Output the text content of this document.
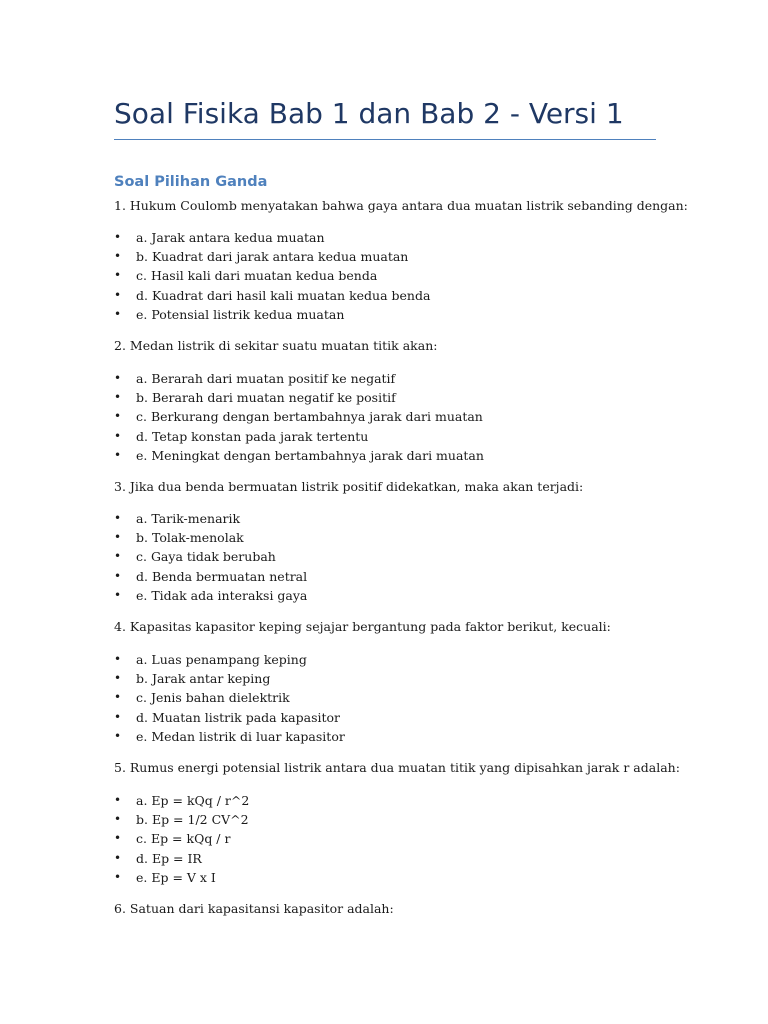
Soal Fisika Bab 1 dan Bab 2 - Versi 1
Soal Pilihan Ganda

1. Hukum Coulomb menyatakan bahwa gaya antara dua muatan listrik sebanding dengan:

• a. Jarak antara kedua muatan
• b. Kuadrat dari jarak antara kedua muatan
• c. Hasil kali dari muatan kedua benda
• d. Kuadrat dari hasil kali muatan kedua benda
• e. Potensial listrik kedua muatan

2. Medan listrik di sekitar suatu muatan titik akan:

• a. Berarah dari muatan positif ke negatif
• b. Berarah dari muatan negatif ke positif
• c. Berkurang dengan bertambahnya jarak dari muatan
• d. Tetap konstan pada jarak tertentu
• e. Meningkat dengan bertambahnya jarak dari muatan

3. Jika dua benda bermuatan listrik positif didekatkan, maka akan terjadi:

• a. Tarik-menarik
• b. Tolak-menolak
• c. Gaya tidak berubah
• d. Benda bermuatan netral
• e. Tidak ada interaksi gaya

4. Kapasitas kapasitor keping sejajar bergantung pada faktor berikut, kecuali:

• a. Luas penampang keping
• b. Jarak antar keping
• c. Jenis bahan dielektrik
• d. Muatan listrik pada kapasitor
• e. Medan listrik di luar kapasitor

5. Rumus energi potensial listrik antara dua muatan titik yang dipisahkan jarak r adalah:

• a. Ep = kQq / r^2
• b. Ep = 1/2 CV^2
• c. Ep = kQq / r
• d. Ep = IR
• e. Ep = V x I

6. Satuan dari kapasitansi kapasitor adalah:
